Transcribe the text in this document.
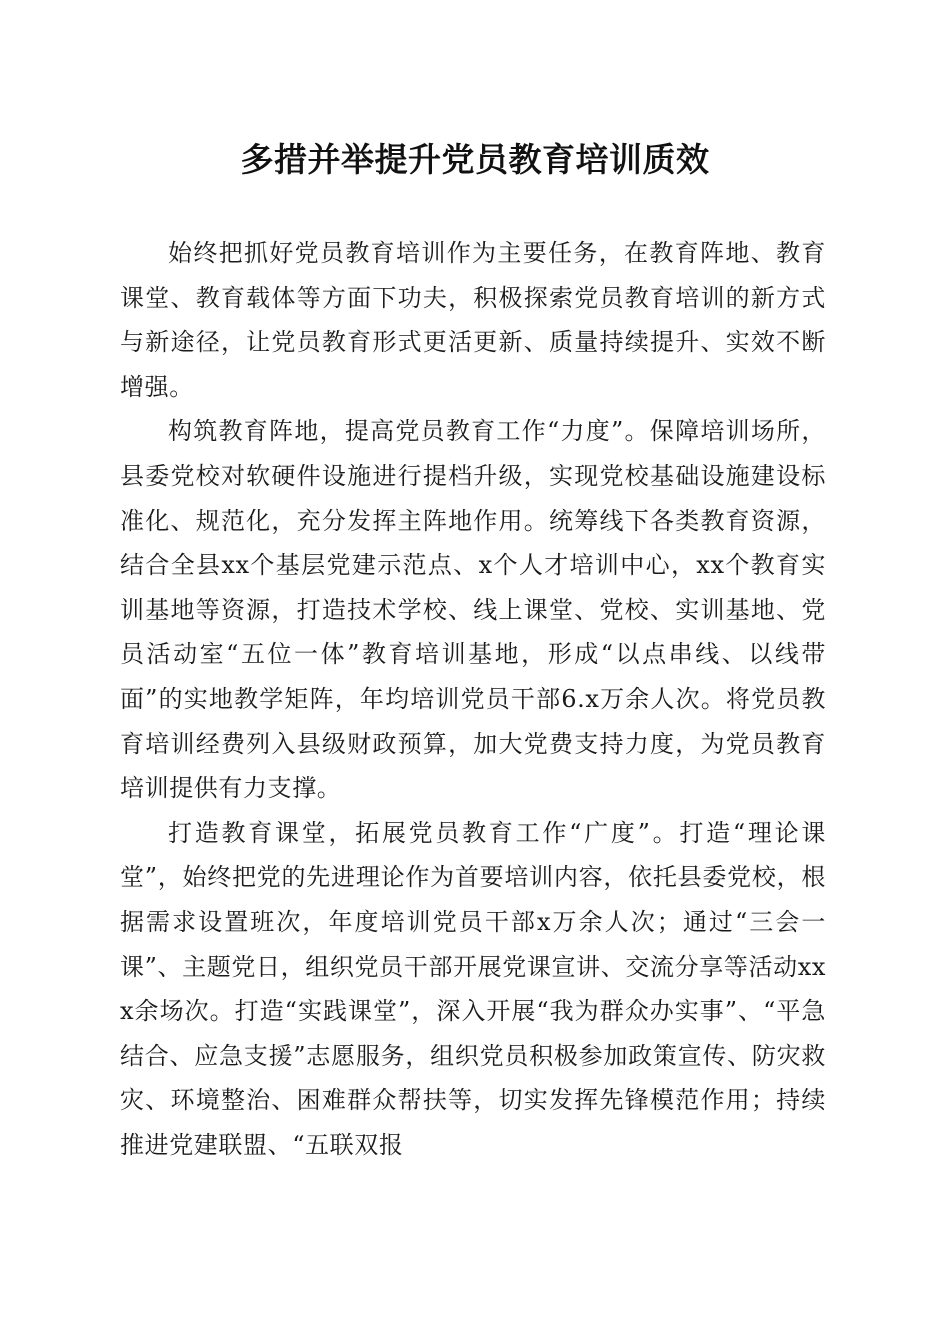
多措并举提升党员教育培训质效

始终把抓好党员教育培训作为主要任务，在教育阵地、教育课堂、教育载体等方面下功夫，积极探索党员教育培训的新方式与新途径，让党员教育形式更活更新、质量持续提升、实效不断增强。

构筑教育阵地，提高党员教育工作“力度”。保障培训场所，县委党校对软硬件设施进行提档升级，实现党校基础设施建设标准化、规范化，充分发挥主阵地作用。统筹线下各类教育资源，结合全县xx个基层党建示范点、x个人才培训中心，xx个教育实训基地等资源，打造技术学校、线上课堂、党校、实训基地、党员活动室“五位一体”教育培训基地，形成“以点串线、以线带面”的实地教学矩阵，年均培训党员干部6.x万余人次。将党员教育培训经费列入县级财政预算，加大党费支持力度，为党员教育培训提供有力支撑。

打造教育课堂，拓展党员教育工作“广度”。打造“理论课堂”，始终把党的先进理论作为首要培训内容，依托县委党校，根据需求设置班次，年度培训党员干部x万余人次；通过“三会一课”、主题党日，组织党员干部开展党课宣讲、交流分享等活动xxx余场次。打造“实践课堂”，深入开展“我为群众办实事”、“平急结合、应急支援”志愿服务，组织党员积极参加政策宣传、防灾救灾、环境整治、困难群众帮扶等，切实发挥先锋模范作用；持续推进党建联盟、“五联双报
